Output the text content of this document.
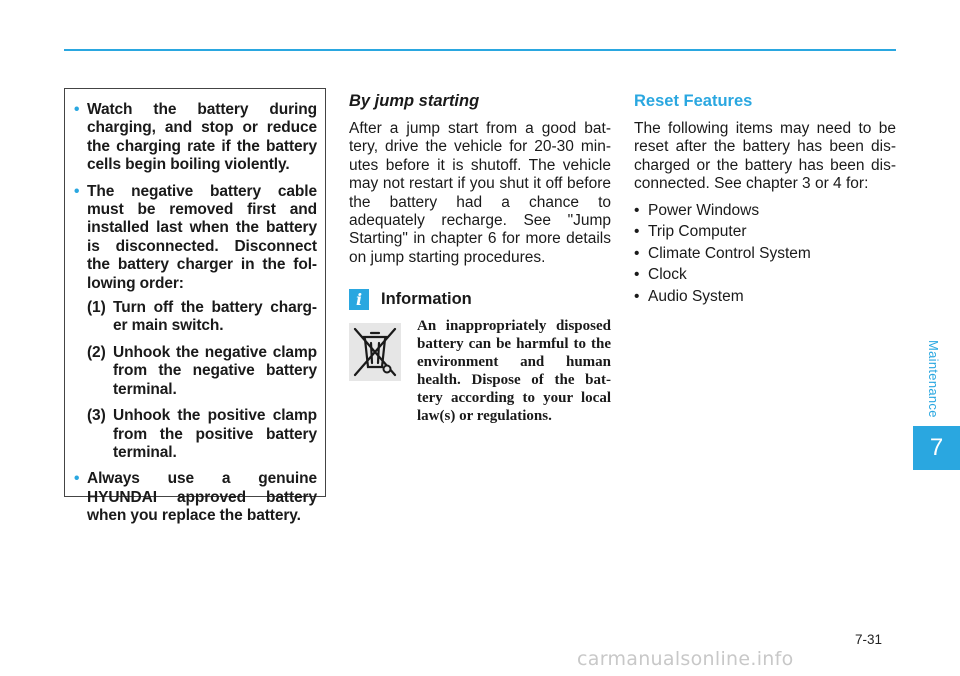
• Watch the battery during charging, and stop or reduce the charging rate if the battery cells begin boiling violently.
• The negative battery cable must be removed first and installed last when the battery is disconnected. Disconnect the battery charger in the fol- lowing order:
(1) Turn off the battery charg- er main switch.
(2) Unhook the negative clamp from the negative battery terminal.
(3) Unhook the positive clamp from the positive battery terminal.
• Always use a genuine HYUNDAI approved battery when you replace the battery.
By jump starting

After a jump start from a good bat- tery, drive the vehicle for 20-30 min- utes before it is shutoff. The vehicle may not restart if you shut it off before the battery had a chance to adequately recharge. See "Jump Starting" in chapter 6 for more details on jump starting procedures.

i	Information
An inappropriately disposed battery can be harmful to the environment and human health. Dispose of the bat- tery according to your local law(s) or regulations.
Reset Features

The following items may need to be reset after the battery has been dis- charged or the battery has been dis- connected. See chapter 3 or 4 for:

• Power Windows
• Trip Computer
• Climate Control System
• Clock
• Audio System
Maintenance
7
7-31
carmanualsonline.info
